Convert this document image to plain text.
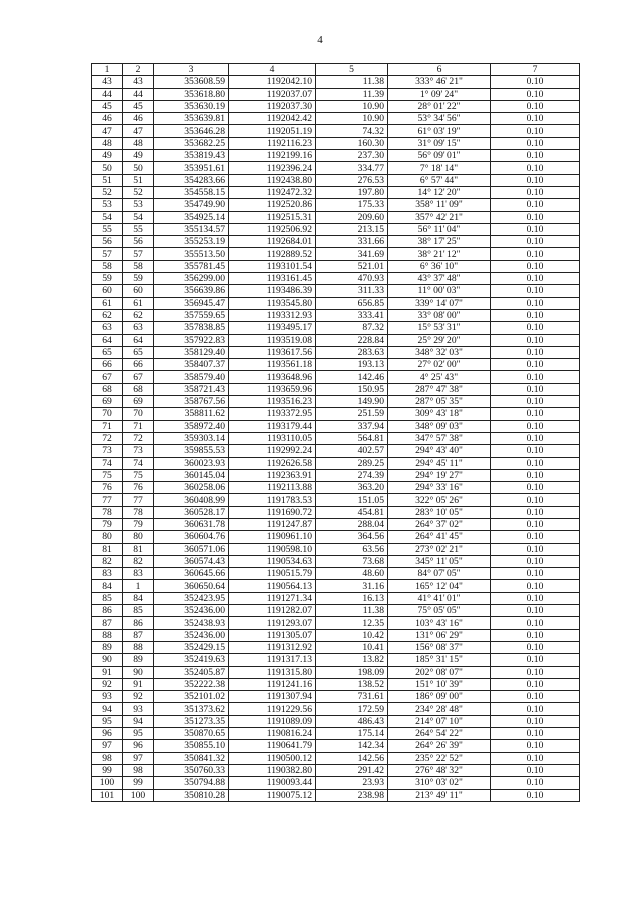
4
1	2	3	4	5	6	7
43	43	353608.59	1192042.10	11.38	333° 46' 21"	0.10
44	44	353618.80	1192037.07	11.39	1° 09' 24"	0.10
45	45	353630.19	1192037.30	10.90	28° 01' 22"	0.10
46	46	353639.81	1192042.42	10.90	53° 34' 56"	0.10
47	47	353646.28	1192051.19	74.32	61° 03' 19"	0.10
48	48	353682.25	1192116.23	160.30	31° 09' 15"	0.10
49	49	353819.43	1192199.16	237.30	56° 09' 01"	0.10
50	50	353951.61	1192396.24	334.77	7° 18' 14"	0.10
51	51	354283.66	1192438.80	276.53	6° 57' 44"	0.10
52	52	354558.15	1192472.32	197.80	14° 12' 20"	0.10
53	53	354749.90	1192520.86	175.33	358° 11' 09"	0.10
54	54	354925.14	1192515.31	209.60	357° 42' 21"	0.10
55	55	355134.57	1192506.92	213.15	56° 11' 04"	0.10
56	56	355253.19	1192684.01	331.66	38° 17' 25"	0.10
57	57	355513.50	1192889.52	341.69	38° 21' 12"	0.10
58	58	355781.45	1193101.54	521.01	6° 36' 10"	0.10
59	59	356299.00	1193161.45	470.93	43° 37' 48"	0.10
60	60	356639.86	1193486.39	311.33	11° 00' 03"	0.10
61	61	356945.47	1193545.80	656.85	339° 14' 07"	0.10
62	62	357559.65	1193312.93	333.41	33° 08' 00"	0.10
63	63	357838.85	1193495.17	87.32	15° 53' 31"	0.10
64	64	357922.83	1193519.08	228.84	25° 29' 20"	0.10
65	65	358129.40	1193617.56	283.63	348° 32' 03"	0.10
66	66	358407.37	1193561.18	193.13	27° 02' 00"	0.10
67	67	358579.40	1193648.96	142.46	4° 25' 43"	0.10
68	68	358721.43	1193659.96	150.95	287° 47' 38"	0.10
69	69	358767.56	1193516.23	149.90	287° 05' 35"	0.10
70	70	358811.62	1193372.95	251.59	309° 43' 18"	0.10
71	71	358972.40	1193179.44	337.94	348° 09' 03"	0.10
72	72	359303.14	1193110.05	564.81	347° 57' 38"	0.10
73	73	359855.53	1192992.24	402.57	294° 43' 40"	0.10
74	74	360023.93	1192626.58	289.25	294° 45' 11"	0.10
75	75	360145.04	1192363.91	274.39	294° 19' 27"	0.10
76	76	360258.06	1192113.88	363.20	294° 33' 16"	0.10
77	77	360408.99	1191783.53	151.05	322° 05' 26"	0.10
78	78	360528.17	1191690.72	454.81	283° 10' 05"	0.10
79	79	360631.78	1191247.87	288.04	264° 37' 02"	0.10
80	80	360604.76	1190961.10	364.56	264° 41' 45"	0.10
81	81	360571.06	1190598.10	63.56	273° 02' 21"	0.10
82	82	360574.43	1190534.63	73.68	345° 11' 05"	0.10
83	83	360645.66	1190515.79	48.60	84° 07' 05"	0.10
84	1	360650.64	1190564.13	31.16	165° 12' 04"	0.10
85	84	352423.95	1191271.34	16.13	41° 41' 01"	0.10
86	85	352436.00	1191282.07	11.38	75° 05' 05"	0.10
87	86	352438.93	1191293.07	12.35	103° 43' 16"	0.10
88	87	352436.00	1191305.07	10.42	131° 06' 29"	0.10
89	88	352429.15	1191312.92	10.41	156° 08' 37"	0.10
90	89	352419.63	1191317.13	13.82	185° 31' 15"	0.10
91	90	352405.87	1191315.80	198.09	202° 08' 07"	0.10
92	91	352222.38	1191241.16	138.52	151° 10' 39"	0.10
93	92	352101.02	1191307.94	731.61	186° 09' 00"	0.10
94	93	351373.62	1191229.56	172.59	234° 28' 48"	0.10
95	94	351273.35	1191089.09	486.43	214° 07' 10"	0.10
96	95	350870.65	1190816.24	175.14	264° 54' 22"	0.10
97	96	350855.10	1190641.79	142.34	264° 26' 39"	0.10
98	97	350841.32	1190500.12	142.56	235° 22' 52"	0.10
99	98	350760.33	1190382.80	291.42	276° 48' 32"	0.10
100	99	350794.88	1190093.44	23.93	310° 03' 02"	0.10
101	100	350810.28	1190075.12	238.98	213° 49' 11"	0.10
